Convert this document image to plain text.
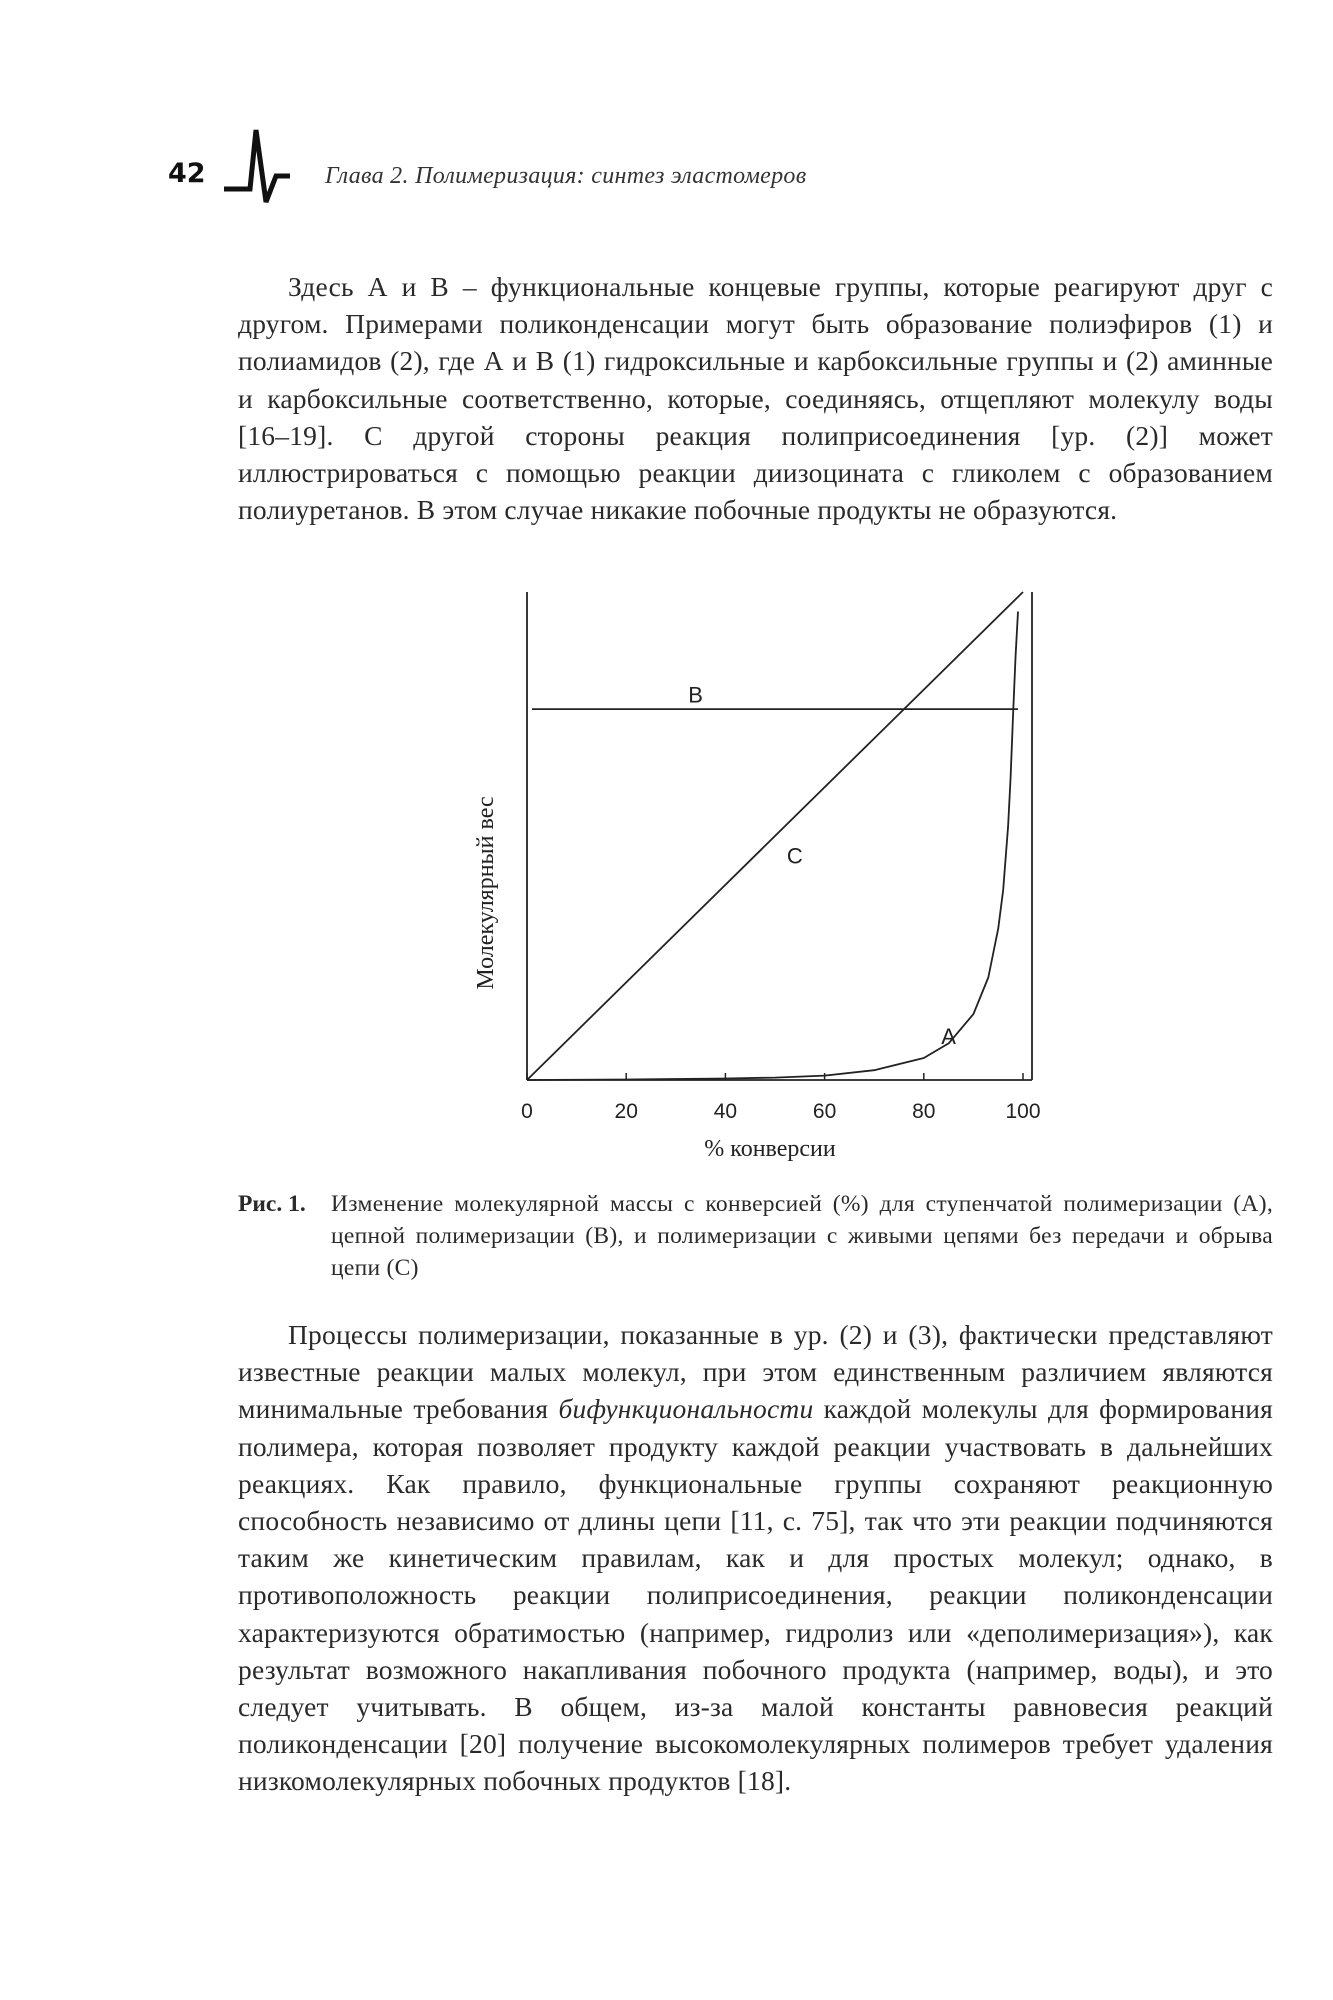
42	Глава 2. Полимеризация: синтез эластомеров

Здесь А и В – функциональные концевые группы, которые реагируют друг с другом. Примерами поликонденсации могут быть образование полиэфиров (1) и полиамидов (2), где А и В (1) гидроксильные и карбоксильные группы и (2) аминные и карбоксильные соответственно, которые, соединяясь, отщепляют молекулу воды [16–19]. С другой стороны реакция полиприсоединения [ур. (2)] может иллюстрироваться с помощью реакции диизоцината с гликолем с образованием полиуретанов. В этом случае никакие побочные продукты не образуются.

0	20	40	60	80	100
B
C
A
% конверсии
Молекулярный вес
Рис. 1. Изменение молекулярной массы с конверсией (%) для ступенчатой полимеризации (А), цепной полимеризации (В), и полимеризации с живыми цепями без передачи и обрыва цепи (С)

Процессы полимеризации, показанные в ур. (2) и (3), фактически представляют известные реакции малых молекул, при этом единственным различием являются минимальные требования бифункциональности каждой молекулы для формирования полимера, которая позволяет продукту каждой реакции участвовать в дальнейших реакциях. Как правило, функциональные группы сохраняют реакционную способность независимо от длины цепи [11, с. 75], так что эти реакции подчиняются таким же кинетическим правилам, как и для простых молекул; однако, в противоположность реакции полиприсоединения, реакции поликонденсации характеризуются обратимостью (например, гидролиз или «деполимеризация»), как результат возможного накапливания побочного продукта (например, воды), и это следует учитывать. В общем, из-за малой константы равновесия реакций поликонденсации [20] получение высокомолекулярных полимеров требует удаления низкомолекулярных побочных продуктов [18].
